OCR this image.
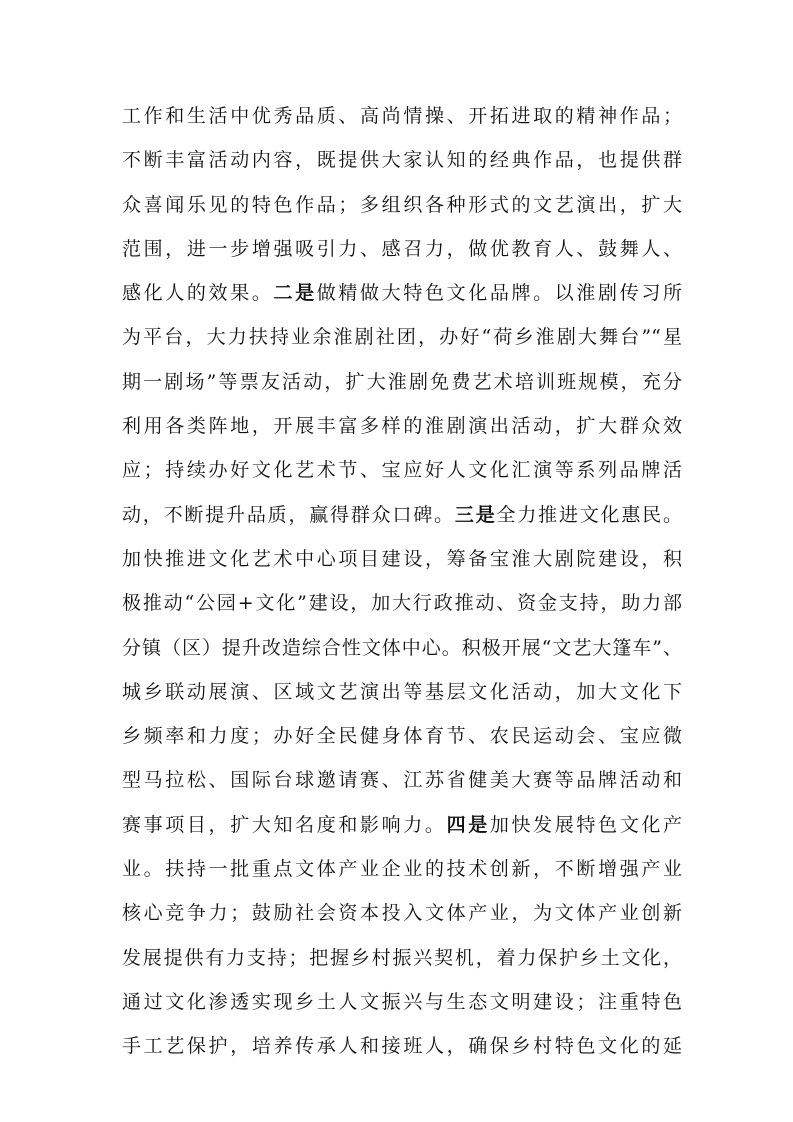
工作和生活中优秀品质、高尚情操、开拓进取的精神作品；
不断丰富活动内容，既提供大家认知的经典作品，也提供群
众喜闻乐见的特色作品；多组织各种形式的文艺演出，扩大
范围，进一步增强吸引力、感召力，做优教育人、鼓舞人、
感化人的效果。二是做精做大特色文化品牌。以淮剧传习所
为平台，大力扶持业余淮剧社团，办好“荷乡淮剧大舞台”“星
期一剧场”等票友活动，扩大淮剧免费艺术培训班规模，充分
利用各类阵地，开展丰富多样的淮剧演出活动，扩大群众效
应；持续办好文化艺术节、宝应好人文化汇演等系列品牌活
动，不断提升品质，赢得群众口碑。三是全力推进文化惠民。
加快推进文化艺术中心项目建设，筹备宝淮大剧院建设，积
极推动“公园+文化”建设，加大行政推动、资金支持，助力部
分镇（区）提升改造综合性文体中心。积极开展“文艺大篷车”、
城乡联动展演、区域文艺演出等基层文化活动，加大文化下
乡频率和力度；办好全民健身体育节、农民运动会、宝应微
型马拉松、国际台球邀请赛、江苏省健美大赛等品牌活动和
赛事项目，扩大知名度和影响力。四是加快发展特色文化产
业。扶持一批重点文体产业企业的技术创新，不断增强产业
核心竞争力；鼓励社会资本投入文体产业，为文体产业创新
发展提供有力支持；把握乡村振兴契机，着力保护乡土文化，
通过文化渗透实现乡土人文振兴与生态文明建设；注重特色
手工艺保护，培养传承人和接班人，确保乡村特色文化的延
